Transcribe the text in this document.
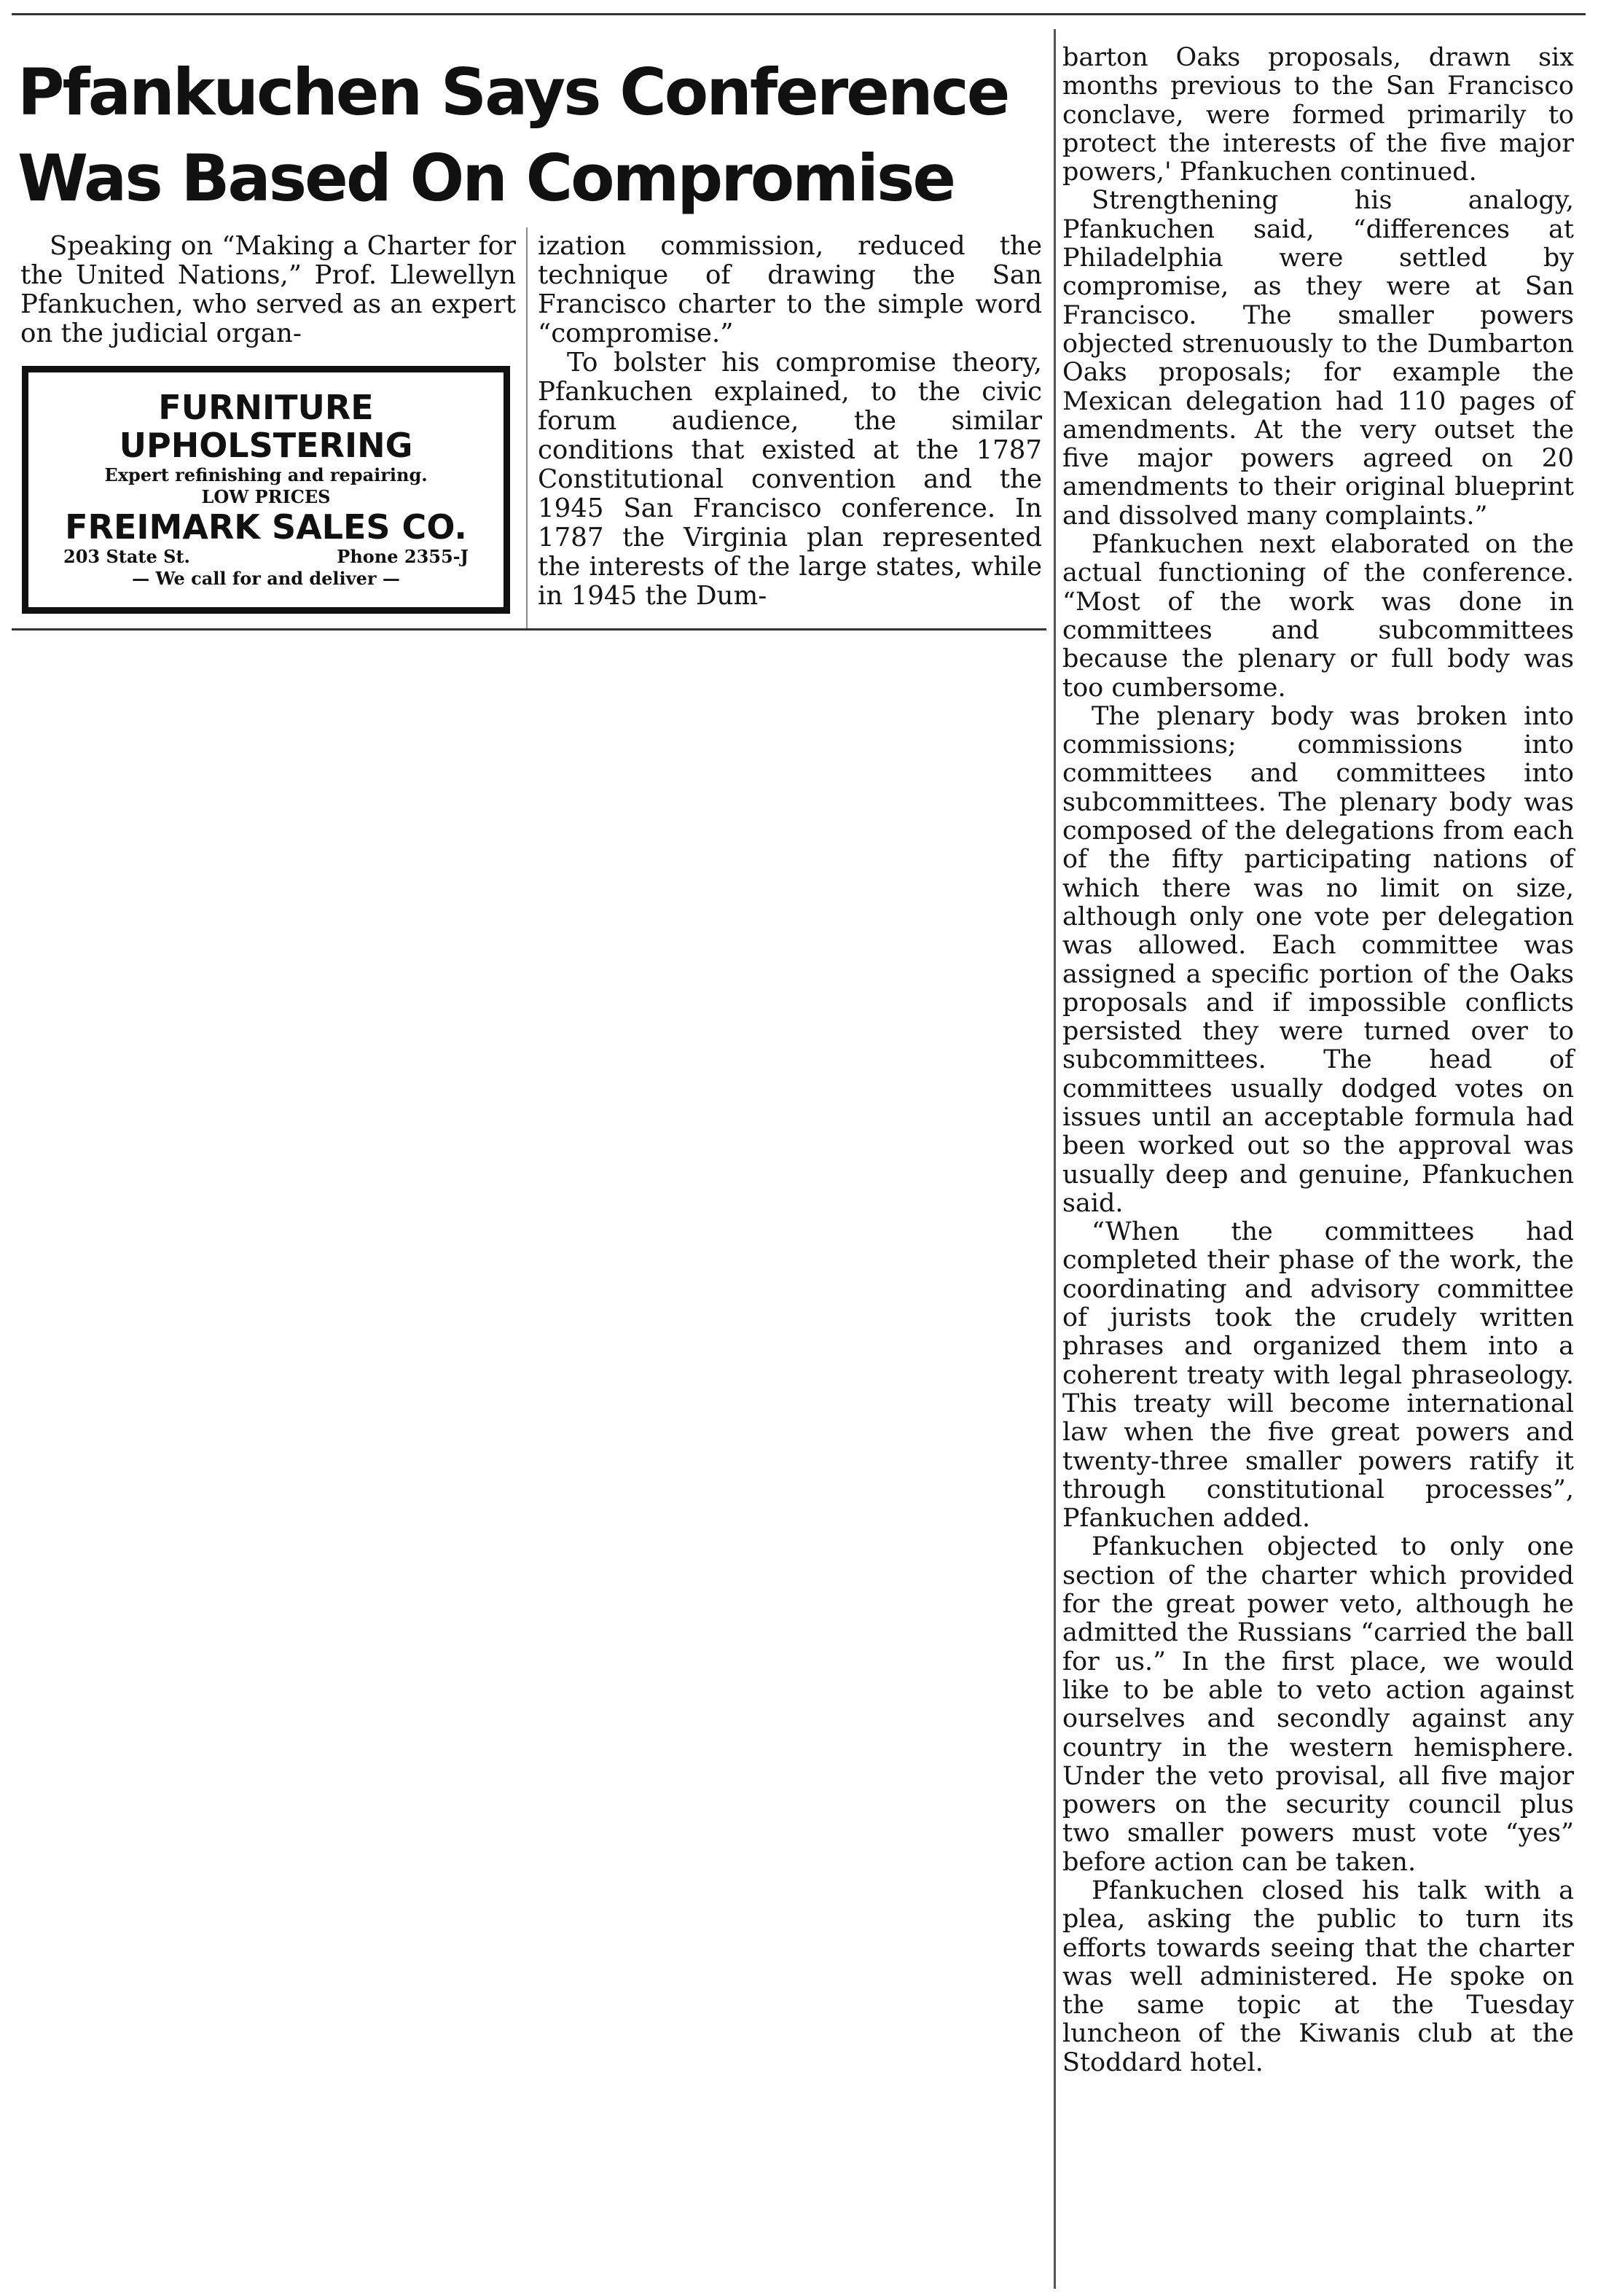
Pfankuchen Says Conference
Was Based On Compromise

Speaking on “Making a Charter for the United Nations,” Prof. Llewellyn Pfankuchen, who served as an expert on the judicial organ-

FURNITURE
UPHOLSTERING
Expert refinishing and repairing.
LOW PRICES
FREIMARK SALES CO.
203 State St.	Phone 2355-J
— We call for and deliver —

ization commission, reduced the technique of drawing the San Francisco charter to the simple word “compromise.”

To bolster his compromise theory, Pfankuchen explained, to the civic forum audience, the similar conditions that existed at the 1787 Constitutional convention and the 1945 San Francisco conference. In 1787 the Virginia plan represented the interests of the large states, while in 1945 the Dum-

barton Oaks proposals, drawn six months previous to the San Francisco conclave, were formed primarily to protect the interests of the five major powers,' Pfankuchen continued.

Strengthening his analogy, Pfankuchen said, “differences at Philadelphia were settled by compromise, as they were at San Francisco. The smaller powers objected strenuously to the Dumbarton Oaks proposals; for example the Mexican delegation had 110 pages of amendments. At the very outset the five major powers agreed on 20 amendments to their original blueprint and dissolved many complaints.”

Pfankuchen next elaborated on the actual functioning of the conference. “Most of the work was done in committees and subcommittees because the plenary or full body was too cumbersome.

The plenary body was broken into commissions; commissions into committees and committees into subcommittees. The plenary body was composed of the delegations from each of the fifty participating nations of which there was no limit on size, although only one vote per delegation was allowed. Each committee was assigned a specific portion of the Oaks proposals and if impossible conflicts persisted they were turned over to subcommittees. The head of committees usually dodged votes on issues until an acceptable formula had been worked out so the approval was usually deep and genuine, Pfankuchen said.

“When the committees had completed their phase of the work, the coordinating and advisory committee of jurists took the crudely written phrases and organized them into a coherent treaty with legal phraseology. This treaty will become international law when the five great powers and twenty-three smaller powers ratify it through constitutional processes”, Pfankuchen added.

Pfankuchen objected to only one section of the charter which provided for the great power veto, although he admitted the Russians “carried the ball for us.” In the first place, we would like to be able to veto action against ourselves and secondly against any country in the western hemisphere. Under the veto provisal, all five major powers on the security council plus two smaller powers must vote “yes” before action can be taken.

Pfankuchen closed his talk with a plea, asking the public to turn its efforts towards seeing that the charter was well administered. He spoke on the same topic at the Tuesday luncheon of the Kiwanis club at the Stoddard hotel.
